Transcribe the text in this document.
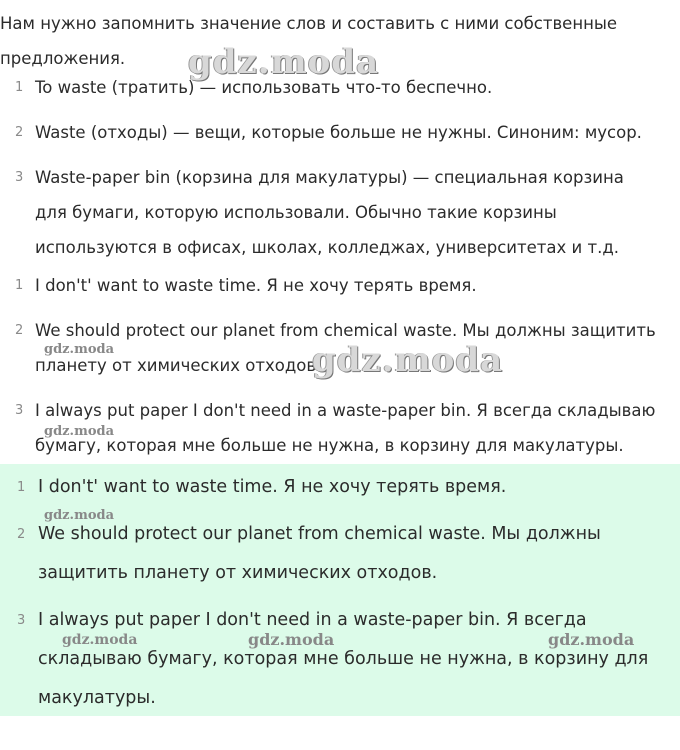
Нам нужно запомнить значение слов и составить с ними собственные предложения.

1 To waste (тратить) — использовать что-то беспечно.
2 Waste (отходы) — вещи, которые больше не нужны. Синоним: мусор.
3 Waste-paper bin (корзина для макулатуры) — специальная корзина для бумаги, которую использовали. Обычно такие корзины используются в офисах, школах, колледжах, университетах и т.д.
1 I don't' want to waste time. Я не хочу терять время.
2 We should protect our planet from chemical waste. Мы должны защитить планету от химических отходов.
3 I always put paper I don't need in a waste-paper bin. Я всегда складываю бумагу, которая мне больше не нужна, в корзину для макулатуры.
1 I don't' want to waste time. Я не хочу терять время.
2 We should protect our planet from chemical waste. Мы должны защитить планету от химических отходов.
3 I always put paper I don't need in a waste-paper bin. Я всегда складываю бумагу, которая мне больше не нужна, в корзину для макулатуры.
gdz.moda
gdz.moda
gdz.moda
gdz.moda
gdz.moda
gdz.moda	gdz.moda	gdz.moda
